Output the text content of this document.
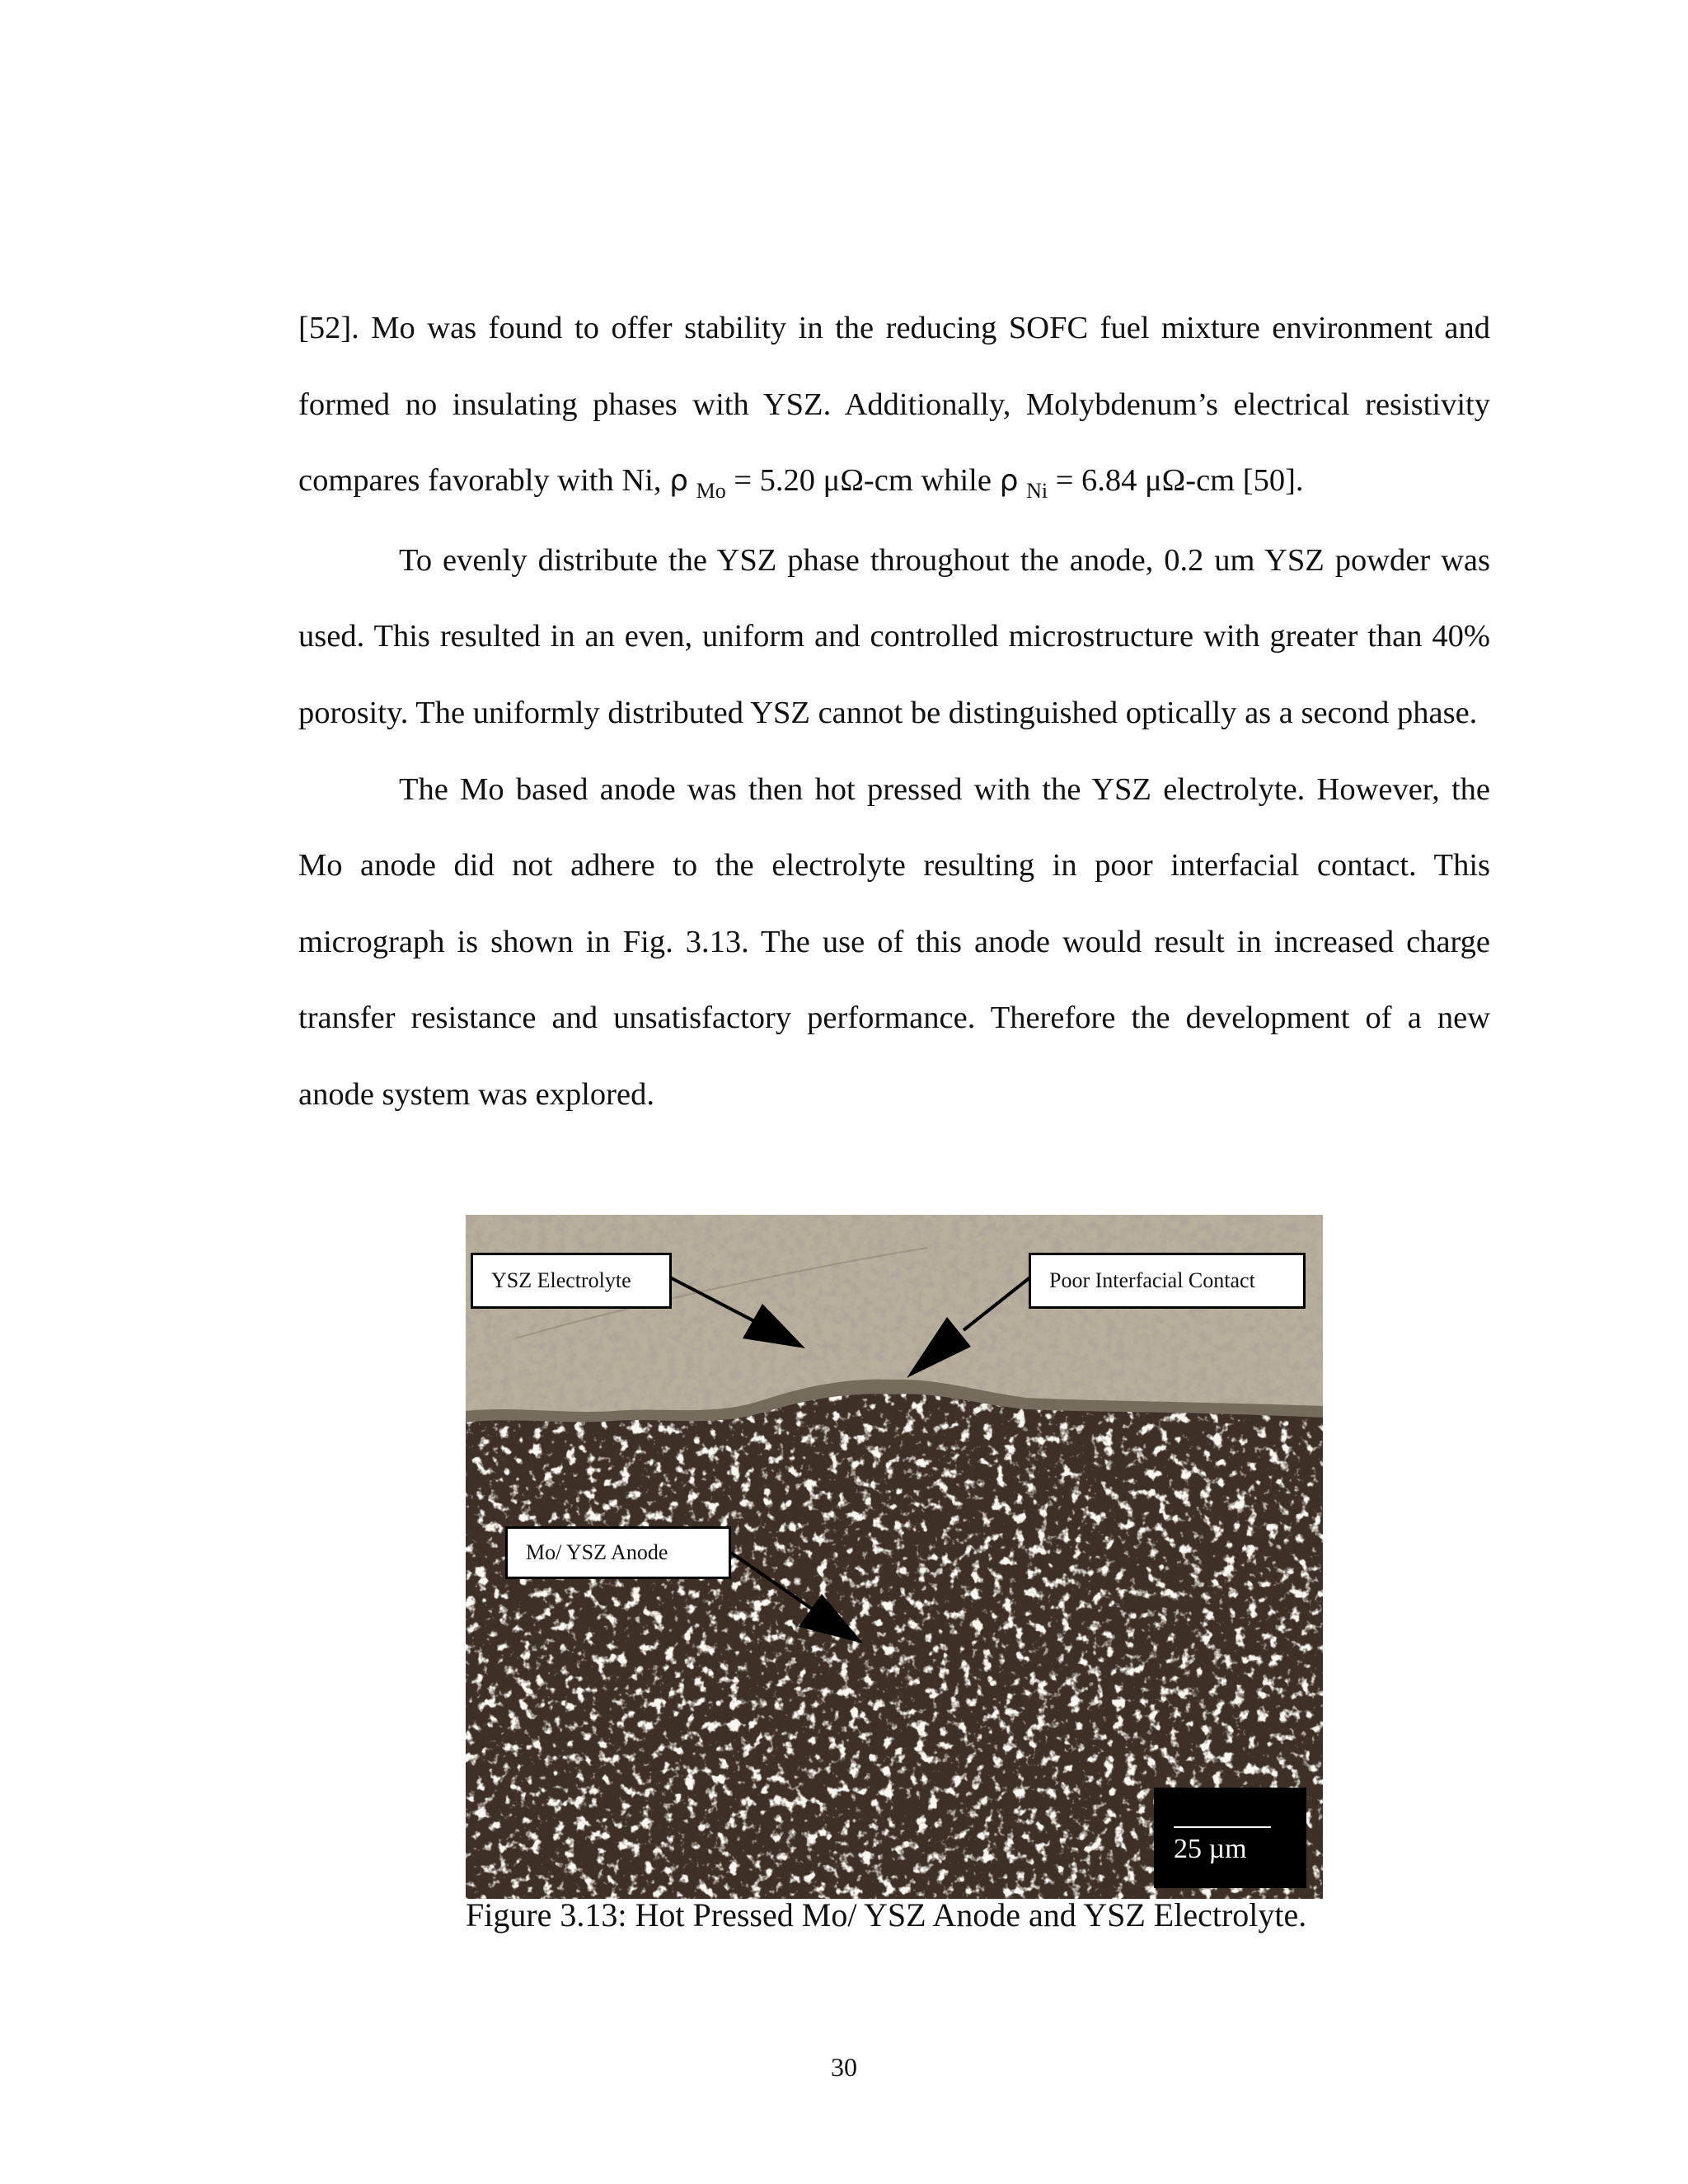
[52]. Mo was found to offer stability in the reducing SOFC fuel mixture environment and formed no insulating phases with YSZ. Additionally, Molybdenum’s electrical resistivity compares favorably with Ni, ρ $_{Mo}$ = 5.20 μΩ-cm while ρ $_{Ni}$ = 6.84 μΩ-cm [50].

To evenly distribute the YSZ phase throughout the anode, 0.2 um YSZ powder was used. This resulted in an even, uniform and controlled microstructure with greater than 40% porosity. The uniformly distributed YSZ cannot be distinguished optically as a second phase.

The Mo based anode was then hot pressed with the YSZ electrolyte. However, the Mo anode did not adhere to the electrolyte resulting in poor interfacial contact. This micrograph is shown in Fig. 3.13. The use of this anode would result in increased charge transfer resistance and unsatisfactory performance. Therefore the development of a new anode system was explored.

YSZ Electrolyte	Poor Interfacial Contact
Mo/ YSZ Anode
25 µm
Figure 3.13: Hot Pressed Mo/ YSZ Anode and YSZ Electrolyte.
30
